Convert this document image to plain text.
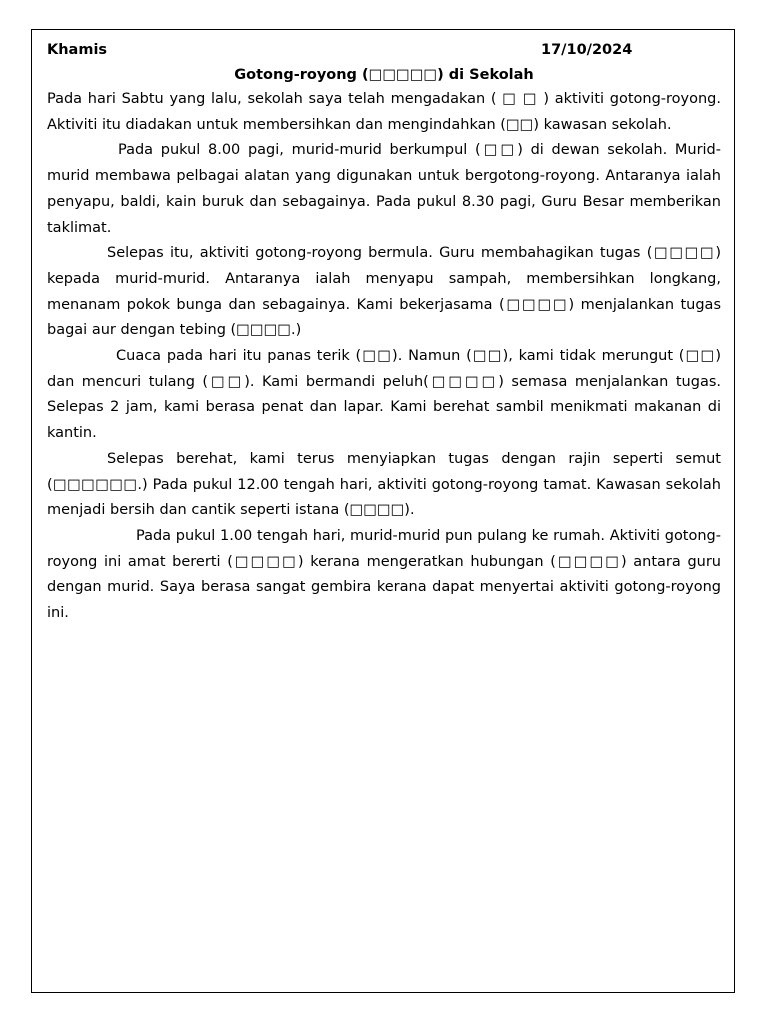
Khamis	17/10/2024
Gotong-royong (□□□□□) di Sekolah

Pada hari Sabtu yang lalu, sekolah saya telah mengadakan ( □ □ ) aktiviti gotong-royong. Aktiviti itu diadakan untuk membersihkan dan mengindahkan (□□) kawasan sekolah.

Pada pukul 8.00 pagi, murid-murid berkumpul (□□) di dewan sekolah. Murid-murid membawa pelbagai alatan yang digunakan untuk bergotong-royong. Antaranya ialah penyapu, baldi, kain buruk dan sebagainya. Pada pukul 8.30 pagi, Guru Besar memberikan taklimat.

Selepas itu, aktiviti gotong-royong bermula. Guru membahagikan tugas (□□□□) kepada murid-murid. Antaranya ialah menyapu sampah, membersihkan longkang, menanam pokok bunga dan sebagainya. Kami bekerjasama (□□□□) menjalankan tugas bagai aur dengan tebing (□□□□.)

Cuaca pada hari itu panas terik (□□). Namun (□□), kami tidak merungut (□□) dan mencuri tulang (□□). Kami bermandi peluh(□□□□) semasa menjalankan tugas. Selepas 2 jam, kami berasa penat dan lapar. Kami berehat sambil menikmati makanan di kantin.

Selepas berehat, kami terus menyiapkan tugas dengan rajin seperti semut (□□□□□□.) Pada pukul 12.00 tengah hari, aktiviti gotong-royong tamat. Kawasan sekolah menjadi bersih dan cantik seperti istana (□□□□).

Pada pukul 1.00 tengah hari, murid-murid pun pulang ke rumah. Aktiviti gotong-royong ini amat bererti (□□□□) kerana mengeratkan hubungan (□□□□) antara guru dengan murid. Saya berasa sangat gembira kerana dapat menyertai aktiviti gotong-royong ini.
